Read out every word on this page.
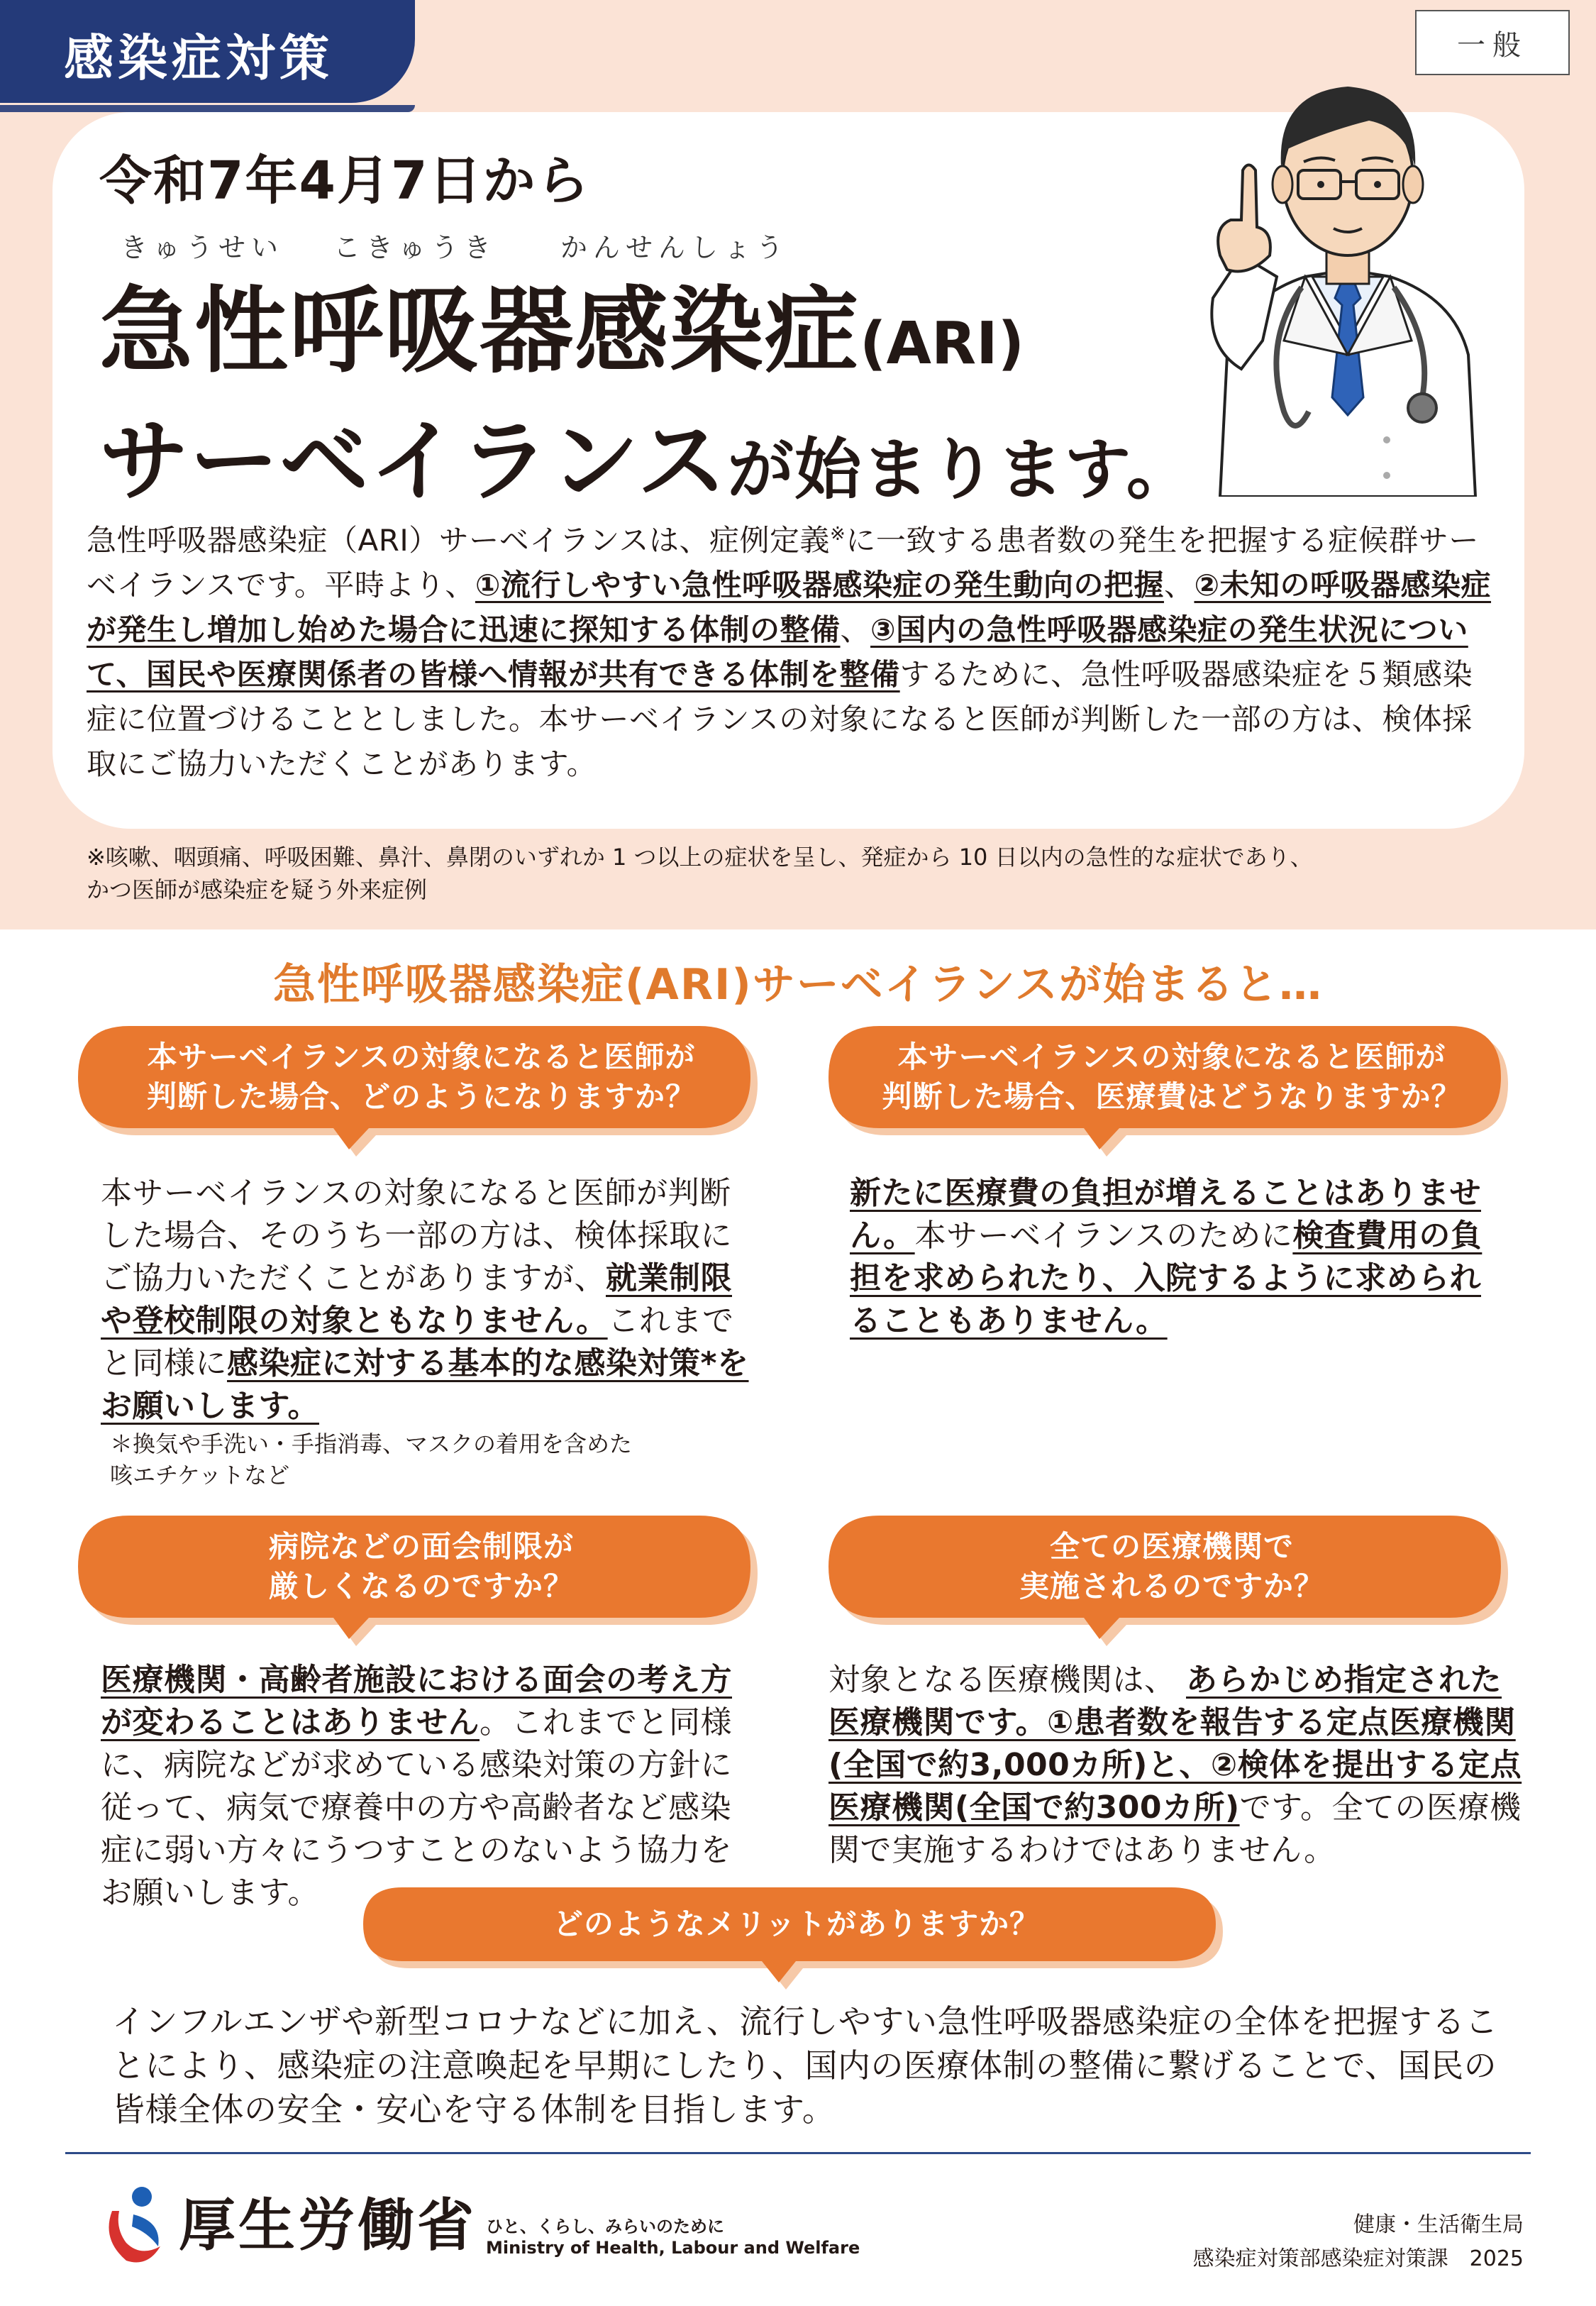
感染症対策	一般
令和7年4月7日から
きゅうせい こきゅうき かんせんしょう
急性呼吸器感染症(ARI)
サーベイランスが始まります。
急性呼吸器感染症（ARI）サーベイランスは、症例定義※に一致する患者数の発生を把握する症候群サーベイランスです。平時より、①流行しやすい急性呼吸器感染症の発生動向の把握、②未知の呼吸器感染症が発生し増加し始めた場合に迅速に探知する体制の整備、③国内の急性呼吸器感染症の発生状況について、国民や医療関係者の皆様へ情報が共有できる体制を整備するために、急性呼吸器感染症を５類感染症に位置づけることとしました。本サーベイランスの対象になると医師が判断した一部の方は、検体採取にご協力いただくことがあります。
※咳嗽、咽頭痛、呼吸困難、鼻汁、鼻閉のいずれか 1 つ以上の症状を呈し、発症から 10 日以内の急性的な症状であり、
かつ医師が感染症を疑う外来症例
急性呼吸器感染症(ARI)サーベイランスが始まると…
本サーベイランスの対象になると医師が
判断した場合、どのようになりますか？
本サーベイランスの対象になると医師が判断した場合、そのうち一部の方は、検体採取にご協力いただくことがありますが、就業制限や登校制限の対象ともなりません。これまでと同様に感染症に対する基本的な感染対策*をお願いします。
＊換気や手洗い・手指消毒、マスクの着用を含めた
咳エチケットなど
本サーベイランスの対象になると医師が
判断した場合、医療費はどうなりますか？
新たに医療費の負担が増えることはありません。本サーベイランスのために検査費用の負担を求められたり、入院するように求められることもありません。
病院などの面会制限が
厳しくなるのですか？
医療機関・高齢者施設における面会の考え方が変わることはありません。これまでと同様に、病院などが求めている感染対策の方針に従って、病気で療養中の方や高齢者など感染症に弱い方々にうつすことのないよう協力をお願いします。
全ての医療機関で
実施されるのですか？
対象となる医療機関は、 あらかじめ指定された医療機関です。①患者数を報告する定点医療機関(全国で約3,000カ所)と、②検体を提出する定点医療機関(全国で約300カ所)です。全ての医療機関で実施するわけではありません。
どのようなメリットがありますか？
インフルエンザや新型コロナなどに加え、流行しやすい急性呼吸器感染症の全体を把握することにより、感染症の注意喚起を早期にしたり、国内の医療体制の整備に繋げることで、国民の皆様全体の安全・安心を守る体制を目指します。
厚生労働省 ひと、くらし、みらいのために
Ministry of Health, Labour and Welfare
健康・生活衛生局
感染症対策部感染症対策課　2025
